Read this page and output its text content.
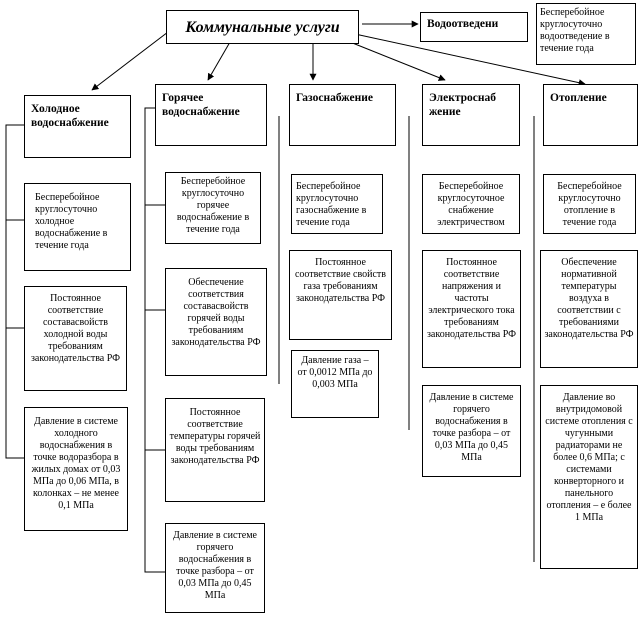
Коммунальные услуги	Водоотведени
Бесперебойное круглосуточно водоотведение в течение года
Холодное водоснабжение
Бесперебойное круглосуточно холодное водоснабжение в течение года
Постоянное соответствие составасвойств холодной воды требованиям законодательства РФ
Давление в системе холодного водоснабжения в точке водоразбора в жилых домах от 0,03 МПа до 0,06 МПа, в колонках – не менее 0,1 МПа
Горячее водоснабжение
Бесперебойное круглосуточно горячее водоснабжение в течение года
Обеспечение соответствия составасвойств горячей воды требованиям законодательства РФ
Постоянное соответствие температуры горячей воды требованиям законодательства РФ
Давление в системе горячего водоснабжения в точке разбора – от 0,03 МПа до 0,45 МПа
Газоснабжение
Бесперебойное круглосуточно газоснабжение в течение года
Постоянное соответствие свойств газа требованиям законодательства РФ
Давление газа – от 0,0012 МПа до 0,003 МПа
Электроснаб жение
Бесперебойное круглосуточное снабжение электричеством
Постоянное соответствие напряжения и частоты электрического тока требованиям законодательства РФ
Давление в системе горячего водоснабжения в точке разбора – от 0,03 МПа до 0,45 МПа
Отопление
Бесперебойное круглосуточно отопление в течение года
Обеспечение нормативной температуры воздуха в соответствии с требованиями законодательства РФ
Давление во внутридомовой системе отопления с чугунными радиаторами не более 0,6 МПа; с системами конверторного и панельного отопления – е более 1 МПа
